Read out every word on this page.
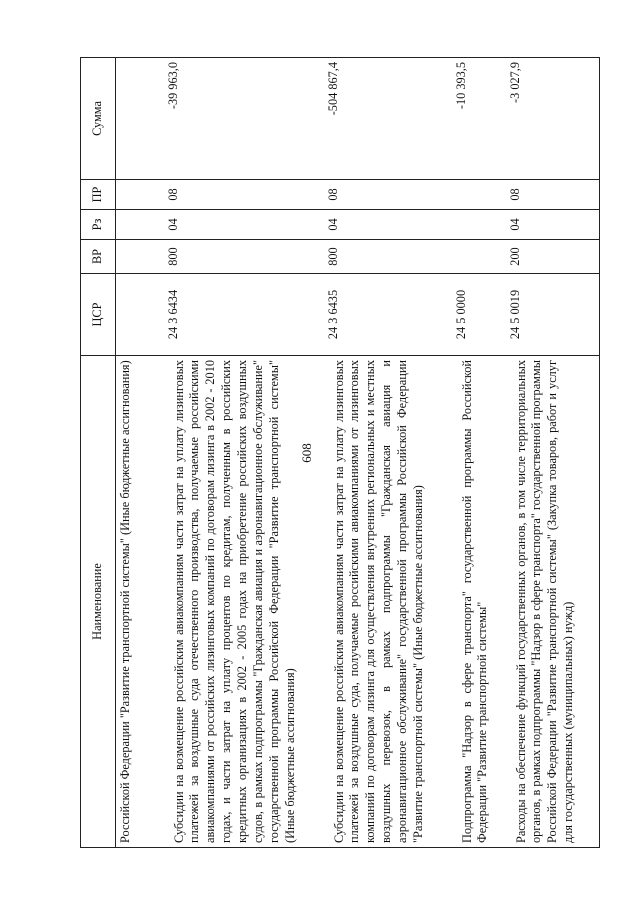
608
Наименование	ЦСР	ВР	Рз	ПР	Сумма
Российской Федерации "Развитие транспортной системы" (Иные бюджетные ассигнования)					
Субсидии на возмещение российским авиакомпаниям части затрат на уплату лизинговых платежей за воздушные суда отечественного производства, получаемые российскими авиакомпаниями от российских лизинговых компаний по договорам лизинга в 2002 - 2010 годах, и части затрат на уплату процентов по кредитам, полученным в российских кредитных организациях в 2002 - 2005 годах на приобретение российских воздушных судов, в рамках подпрограммы "Гражданская авиация и аэронавигационное обслуживание" государственной программы Российской Федерации "Развитие транспортной системы" (Иные бюджетные ассигнования)	24 3 6434	800	04	08	-39 963,0
Субсидии на возмещение российским авиакомпаниям части затрат на уплату лизинговых платежей за воздушные суда, получаемые российскими авиакомпаниями от лизинговых компаний по договорам лизинга для осуществления внутренних региональных и местных воздушных перевозок, в рамках подпрограммы "Гражданская авиация и аэронавигационное обслуживание" государственной программы Российской Федерации "Развитие транспортной системы" (Иные бюджетные ассигнования)	24 3 6435	800	04	08	-504 867,4
Подпрограмма "Надзор в сфере транспорта" государственной программы Российской Федерации "Развитие транспортной системы"	24 5 0000				-10 393,5
Расходы на обеспечение функций государственных органов, в том числе территориальных органов, в рамках подпрограммы "Надзор в сфере транспорта" государственной программы Российской Федерации "Развитие транспортной системы" (Закупка товаров, работ и услуг для государственных (муниципальных) нужд)	24 5 0019	200	04	08	-3 027,9
